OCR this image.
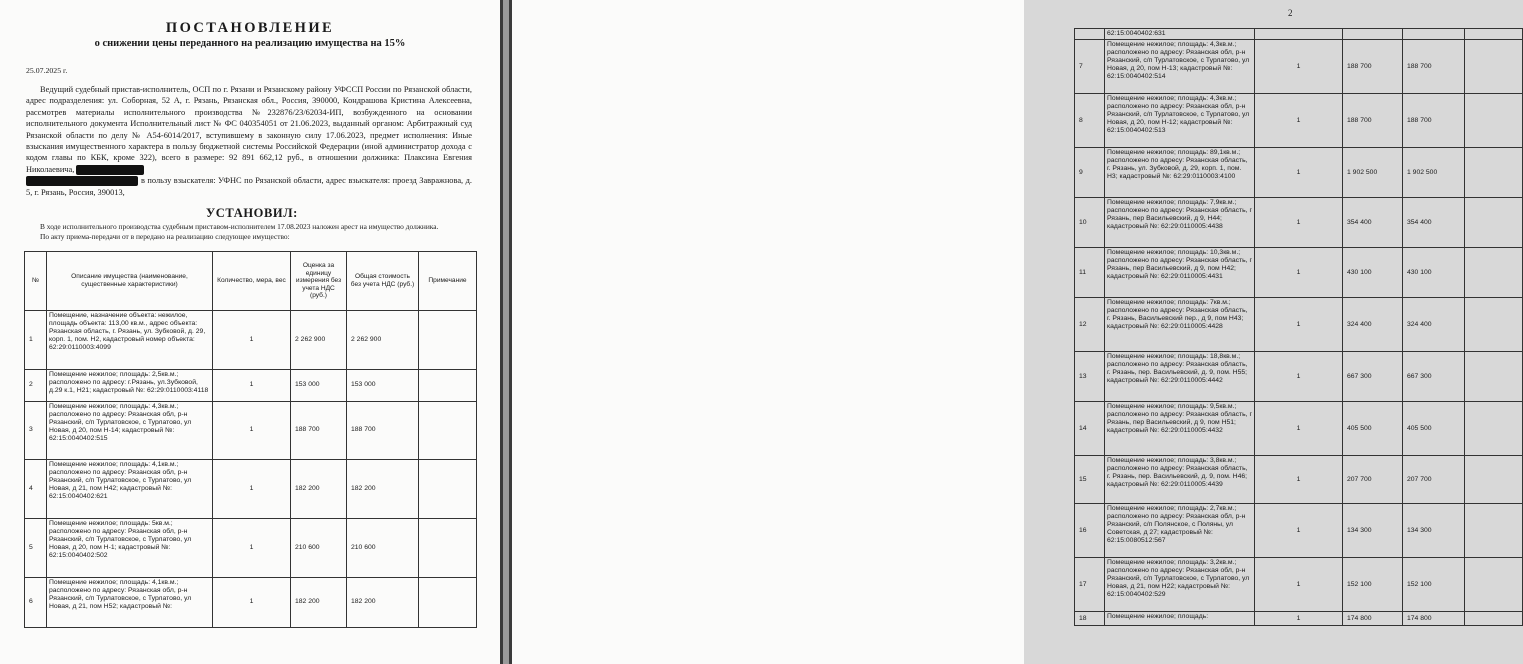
ПОСТАНОВЛЕНИЕ
о снижении цены переданного на реализацию имущества на 15%
25.07.2025 г.

Ведущий судебный пристав-исполнитель, ОСП по г. Рязани и Рязанскому району УФССП России по Рязанской области, адрес подразделения: ул. Соборная, 52 А, г. Рязань, Рязанская обл., Россия, 390000, Кондрашова Кристина Алексеевна, рассмотрев материалы исполнительного производства №232876/23/62034-ИП, возбужденного на основании исполнительного документа Исполнительный лист № ФС 040354051 от 21.06.2023, выданный органом: Арбитражный суд Рязанской области по делу № А54-6014/2017, вступившему в законную силу 17.06.2023, предмет исполнения: Иные взыскания имущественного характера в пользу бюджетной системы Российской Федерации (иной администратор дохода с кодом главы по КБК, кроме 322), всего в размере: 92 891 662,12 руб., в отношении должника: Плаксина Евгения Николаевича,
в пользу взыскателя: УФНС по Рязанской области, адрес взыскателя: проезд Завражнова, д. 5, г. Рязань, Россия, 390013,

УСТАНОВИЛ:

В ходе исполнительного производства судебным приставом-исполнителем 17.08.2023 наложен арест на имущество должника.

По акту приема-передачи от в передано на реализацию следующее имущество:

№	Описание имущества (наименование, существенные характеристики)	Количество, мера, вес	Оценка за единицу измерения без учета НДС (руб.)	Общая стоимость без учета НДС (руб.)	Примечание
1	Помещение, назначение объекта: нежилое, площадь объекта: 113,00 кв.м., адрес объекта: Рязанская область, г. Рязань, ул. Зубковой, д. 29, корп. 1, пом. Н2, кадастровый номер объекта: 62:29:0110003:4099	1	2 262 900	2 262 900	
2	Помещение нежилое; площадь: 2,5кв.м.; расположено по адресу: г.Рязань, ул.Зубковой, д.29 к.1, Н21; кадастровый №: 62:29:0110003:4118	1	153 000	153 000	
3	Помещение нежилое; площадь: 4,3кв.м.; расположено по адресу: Рязанская обл, р-н Рязанский, с/п Турлатовское, с Турлатово, ул Новая, д 20, пом Н-14; кадастровый №: 62:15:0040402:515	1	188 700	188 700	
4	Помещение нежилое; площадь: 4,1кв.м.; расположено по адресу: Рязанская обл, р-н Рязанский, с/п Турлатовское, с Турлатово, ул Новая, д 21, пом Н42; кадастровый №: 62:15:0040402:621	1	182 200	182 200	
5	Помещение нежилое; площадь: 5кв.м.; расположено по адресу: Рязанская обл, р-н Рязанский, с/п Турлатовское, с Турлатово, ул Новая, д 20, пом Н-1; кадастровый №: 62:15:0040402:502	1	210 600	210 600	
6	Помещение нежилое; площадь: 4,1кв.м.; расположено по адресу: Рязанская обл, р-н Рязанский, с/п Турлатовское, с Турлатово, ул Новая, д 21, пом Н52; кадастровый №:	1	182 200	182 200	
2
	62:15:0040402:631				
7	Помещение нежилое; площадь: 4,3кв.м.; расположено по адресу: Рязанская обл, р-н Рязанский, с/п Турлатовское, с Турлатово, ул Новая, д 20, пом Н-13; кадастровый №: 62:15:0040402:514	1	188 700	188 700	
8	Помещение нежилое; площадь: 4,3кв.м.; расположено по адресу: Рязанская обл, р-н Рязанский, с/п Турлатовское, с Турлатово, ул Новая, д 20, пом Н-12; кадастровый №: 62:15:0040402:513	1	188 700	188 700	
9	Помещение нежилое; площадь: 89,1кв.м.; расположено по адресу: Рязанская область, г. Рязань, ул. Зубковой, д. 29, корп. 1, пом. Н3; кадастровый №: 62:29:0110003:4100	1	1 902 500	1 902 500	
10	Помещение нежилое; площадь: 7,9кв.м.; расположено по адресу: Рязанская область, г Рязань, пер Васильевский, д 9, Н44; кадастровый №: 62:29:0110005:4438	1	354 400	354 400	
11	Помещение нежилое; площадь: 10,3кв.м.; расположено по адресу: Рязанская область, г Рязань, пер Васильевский, д 9, пом Н42; кадастровый №: 62:29:0110005:4431	1	430 100	430 100	
12	Помещение нежилое; площадь: 7кв.м.; расположено по адресу: Рязанская область, г. Рязань, Васильевский пер., д 9, пом Н43; кадастровый №: 62:29:0110005:4428	1	324 400	324 400	
13	Помещение нежилое; площадь: 18,8кв.м.; расположено по адресу: Рязанская область, г. Рязань, пер. Васильевский, д. 9, пом. Н55; кадастровый №: 62:29:0110005:4442	1	667 300	667 300	
14	Помещение нежилое; площадь: 9,5кв.м.; расположено по адресу: Рязанская область, г Рязань, пер Васильевский, д 9, пом Н51; кадастровый №: 62:29:0110005:4432	1	405 500	405 500	
15	Помещение нежилое; площадь: 3,8кв.м.; расположено по адресу: Рязанская область, г. Рязань, пер. Васильевский, д. 9, пом. Н46; кадастровый №: 62:29:0110005:4439	1	207 700	207 700	
16	Помещение нежилое; площадь: 2,7кв.м.; расположено по адресу: Рязанская обл, р-н Рязанский, с/п Полянское, с Поляны, ул Советская, д 27; кадастровый №: 62:15:0080512:567	1	134 300	134 300	
17	Помещение нежилое; площадь: 3,2кв.м.; расположено по адресу: Рязанская обл, р-н Рязанский, с/п Турлатовское, с Турлатово, ул Новая, д 21, пом Н22; кадастровый №: 62:15:0040402:529	1	152 100	152 100	
18	Помещение нежилое; площадь:	1	174 800	174 800	
